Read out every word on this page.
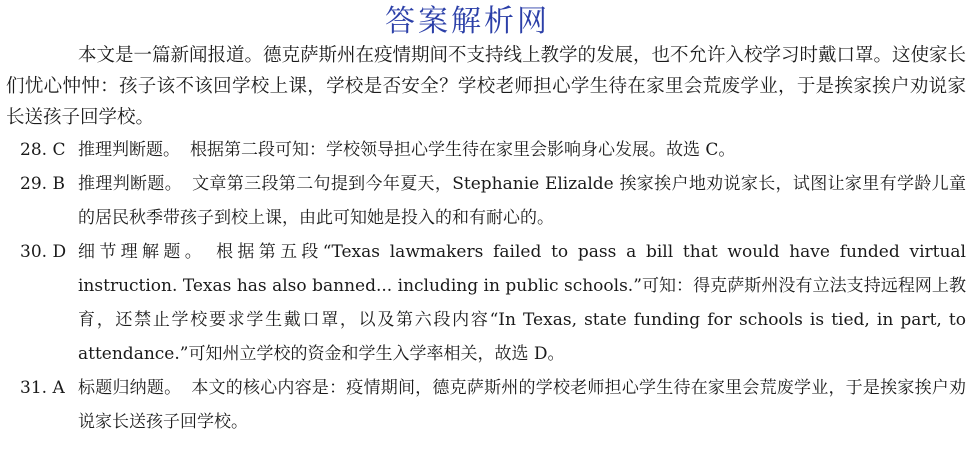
答案解析网

本文是一篇新闻报道。德克萨斯州在疫情期间不支持线上教学的发展，也不允许入校学习时戴口罩。这使家长们忧心忡忡：孩子该不该回学校上课，学校是否安全？学校老师担心学生待在家里会荒废学业，于是挨家挨户劝说家长送孩子回学校。

28. C 推理判断题。 根据第二段可知：学校领导担心学生待在家里会影响身心发展。故选 C。
29. B 推理判断题。 文章第三段第二句提到今年夏天，Stephanie Elizalde 挨家挨户地劝说家长，试图让家里有学龄儿童的居民秋季带孩子到校上课，由此可知她是投入的和有耐心的。
30. D 细节理解题。 根据第五段“Texas lawmakers failed to pass a bill that would have funded virtual instruction. Texas has also banned... including in public schools.”可知：得克萨斯州没有立法支持远程网上教育，还禁止学校要求学生戴口罩，以及第六段内容“In Texas, state funding for schools is tied, in part, to attendance.”可知州立学校的资金和学生入学率相关，故选 D。
31. A 标题归纳题。 本文的核心内容是：疫情期间，德克萨斯州的学校老师担心学生待在家里会荒废学业，于是挨家挨户劝说家长送孩子回学校。
